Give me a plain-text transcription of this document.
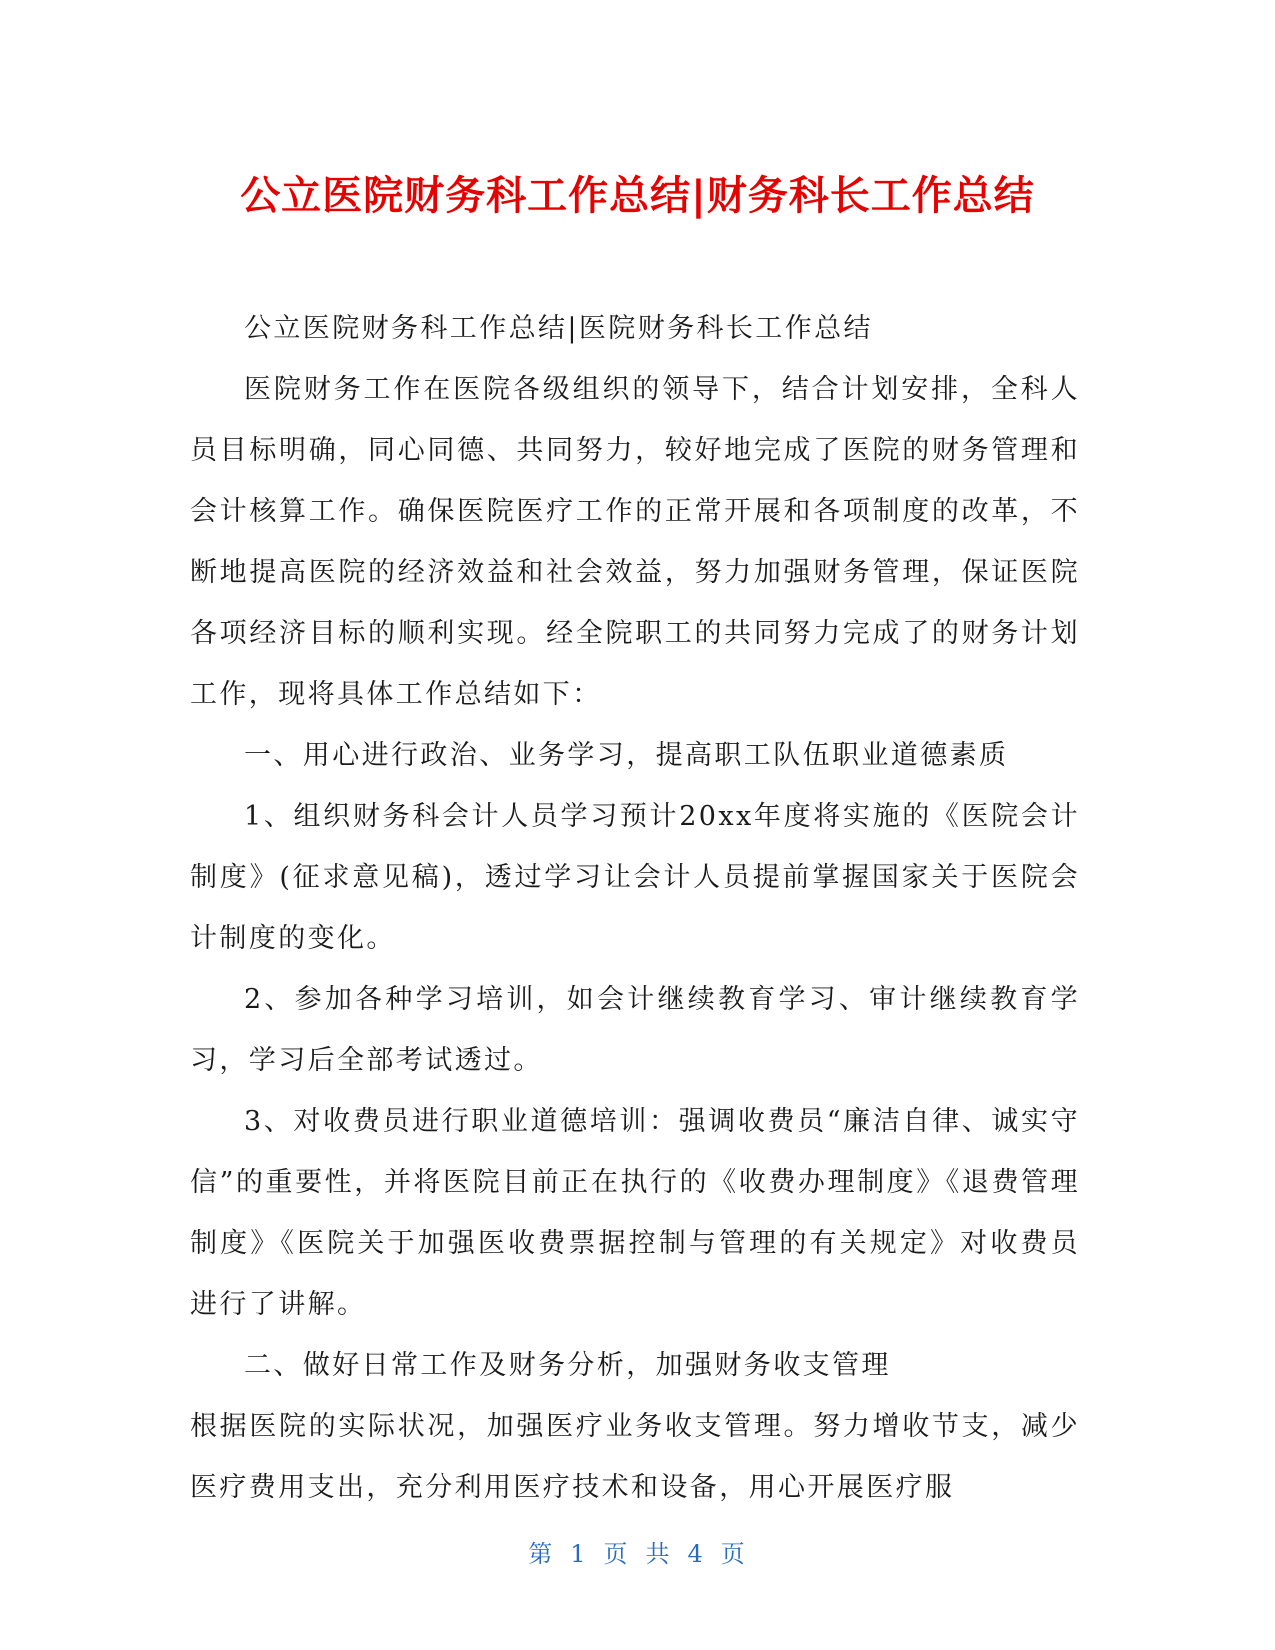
公立医院财务科工作总结|财务科长工作总结

公立医院财务科工作总结|医院财务科长工作总结

医院财务工作在医院各级组织的领导下，结合计划安排，全科人员目标明确，同心同德、共同努力，较好地完成了医院的财务管理和会计核算工作。确保医院医疗工作的正常开展和各项制度的改革，不断地提高医院的经济效益和社会效益，努力加强财务管理，保证医院各项经济目标的顺利实现。经全院职工的共同努力完成了的财务计划工作，现将具体工作总结如下：

一、用心进行政治、业务学习，提高职工队伍职业道德素质

1、组织财务科会计人员学习预计20xx年度将实施的《医院会计制度》(征求意见稿)，透过学习让会计人员提前掌握国家关于医院会计制度的变化。

2、参加各种学习培训，如会计继续教育学习、审计继续教育学习，学习后全部考试透过。

3、对收费员进行职业道德培训：强调收费员“廉洁自律、诚实守信”的重要性，并将医院目前正在执行的《收费办理制度》《退费管理制度》《医院关于加强医收费票据控制与管理的有关规定》对收费员进行了讲解。

二、做好日常工作及财务分析，加强财务收支管理

根据医院的实际状况，加强医疗业务收支管理。努力增收节支，减少医疗费用支出，充分利用医疗技术和设备，用心开展医疗服

第 1 页 共 4 页
